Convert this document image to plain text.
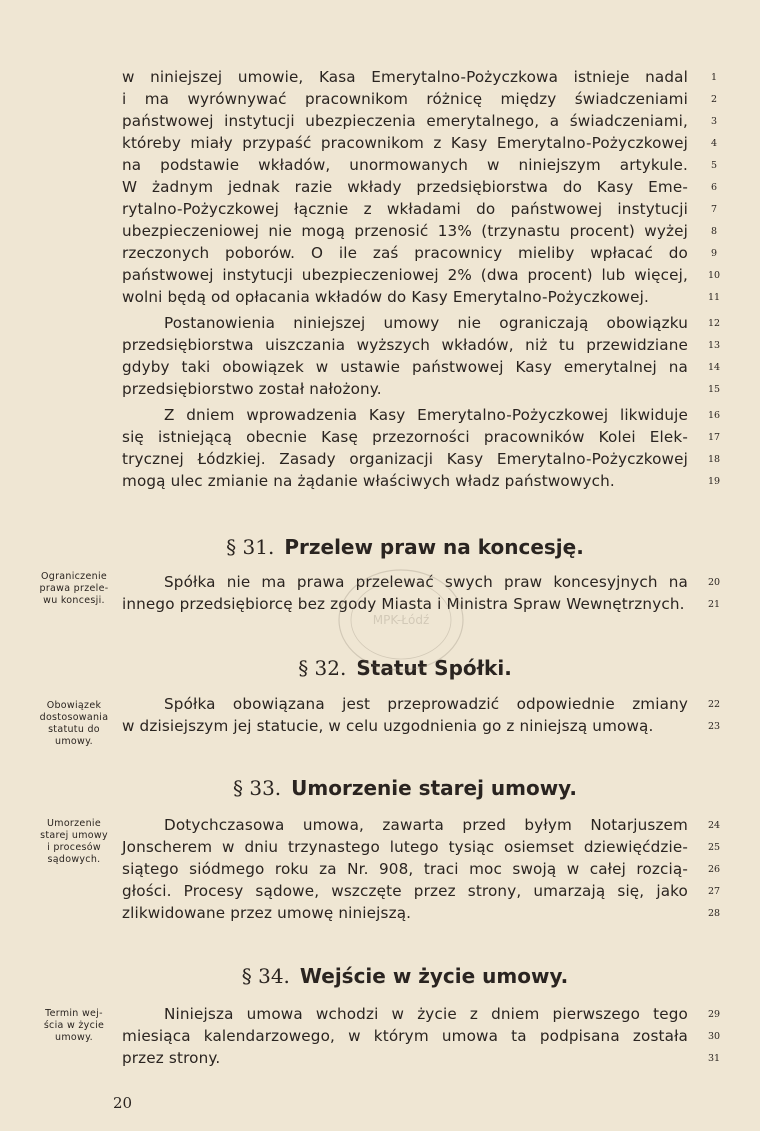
w niniejszej umowie, Kasa Emerytalno-Pożyczkowa istnieje nadal	1
i ma wyrównywać pracownikom różnicę między świadczeniami	2
państwowej instytucji ubezpieczenia emerytalnego, a świadczeniami,	3
któreby miały przypaść pracownikom z Kasy Emerytalno-Pożyczkowej	4
na podstawie wkładów, unormowanych w niniejszym artykule.	5
W żadnym jednak razie wkłady przedsiębiorstwa do Kasy Eme-	6
rytalno-Pożyczkowej łącznie z wkładami do państwowej instytucji	7
ubezpieczeniowej nie mogą przenosić 13% (trzynastu procent) wyżej	8
rzeczonych poborów. O ile zaś pracownicy mieliby wpłacać do	9
państwowej instytucji ubezpieczeniowej 2% (dwa procent) lub więcej,	10
wolni będą od opłacania wkładów do Kasy Emerytalno-Pożyczkowej.	11
Postanowienia niniejszej umowy nie ograniczają obowiązku	12
przedsiębiorstwa uiszczania wyższych wkładów, niż tu przewidziane	13
gdyby taki obowiązek w ustawie państwowej Kasy emerytalnej na	14
przedsiębiorstwo został nałożony.	15
Z dniem wprowadzenia Kasy Emerytalno-Pożyczkowej likwiduje	16
się istniejącą obecnie Kasę przezorności pracowników Kolei Elek-	17
trycznej Łódzkiej. Zasady organizacji Kasy Emerytalno-Pożyczkowej	18
mogą ulec zmianie na żądanie właściwych władz państwowych.	19
§ 31. Przelew praw na koncesję.
Ograniczenie
prawa przele-
wu koncesji.
Spółka nie ma prawa przelewać swych praw koncesyjnych na	20
innego przedsiębiorcę bez zgody Miasta i Ministra Spraw Wewnętrznych.	21
§ 32. Statut Spółki.
Obowiązek
dostosowania
statutu do
umowy.
Spółka obowiązana jest przeprowadzić odpowiednie zmiany	22
w dzisiejszym jej statucie, w celu uzgodnienia go z niniejszą umową.	23
§ 33. Umorzenie starej umowy.
Umorzenie
starej umowy
i procesów
sądowych.
Dotychczasowa umowa, zawarta przed byłym Notarjuszem	24
Jonscherem w dniu trzynastego lutego tysiąc osiemset dziewięćdzie-	25
siątego siódmego roku za Nr. 908, traci moc swoją w całej rozcią-	26
głości. Procesy sądowe, wszczęte przez strony, umarzają się, jako	27
zlikwidowane przez umowę niniejszą.	28
§ 34. Wejście w życie umowy.
Termin wej-
ścia w życie
umowy.
Niniejsza umowa wchodzi w życie z dniem pierwszego tego	29
miesiąca kalendarzowego, w którym umowa ta podpisana została	30
przez strony.	31
MPK-Łódź
20
